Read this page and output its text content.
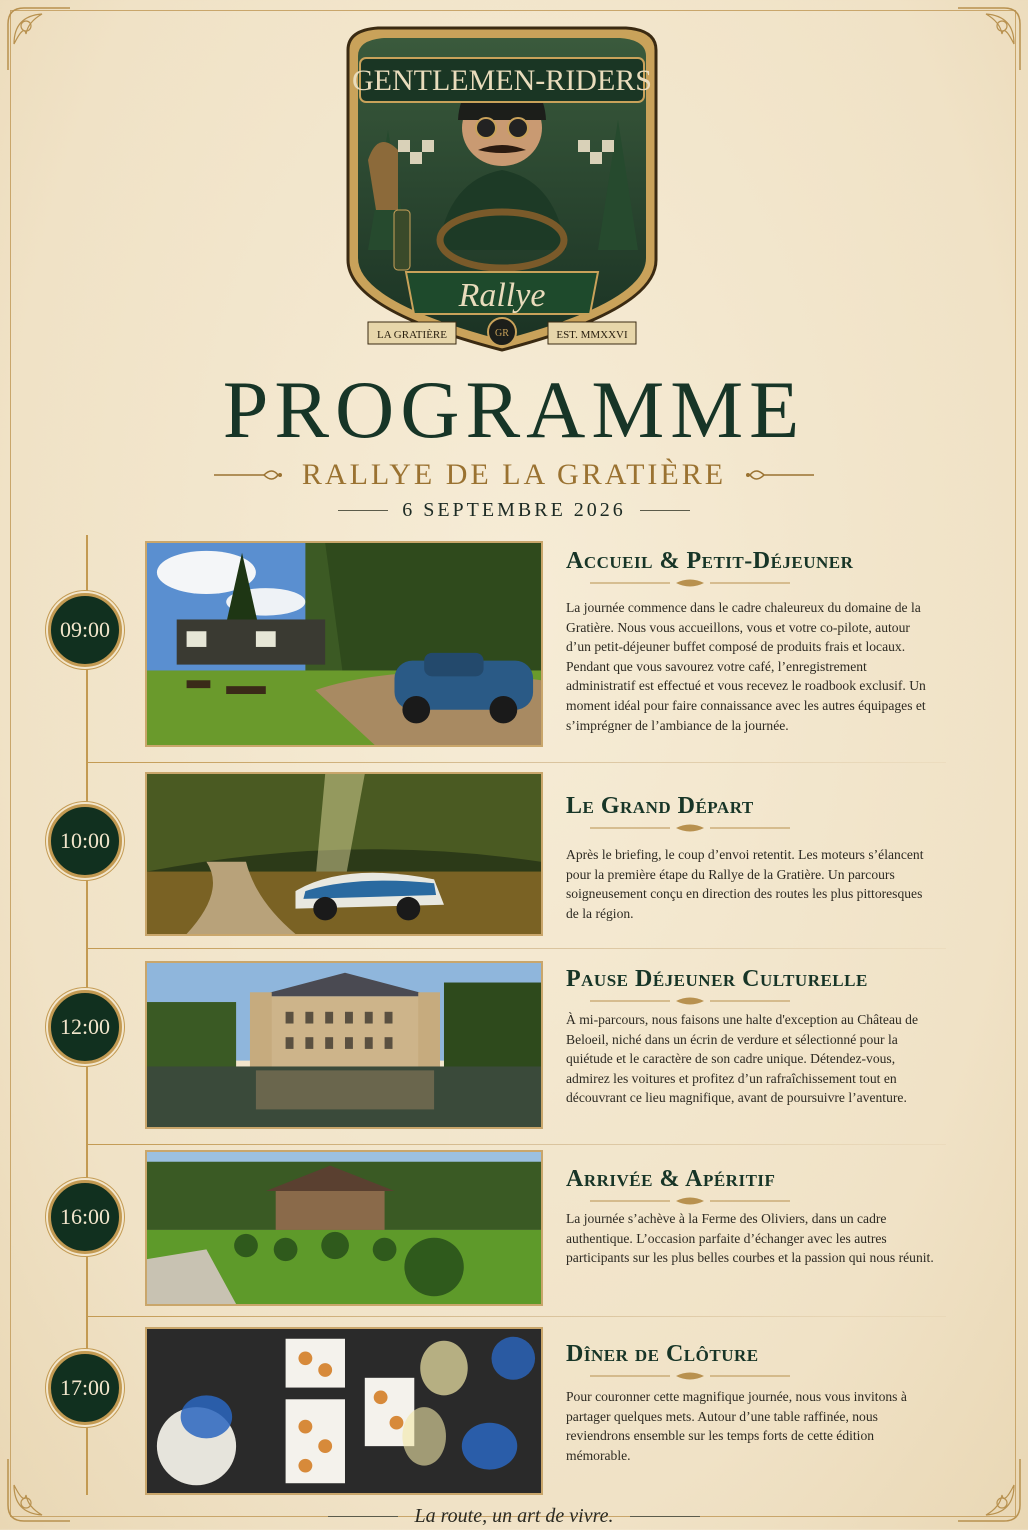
GENTLEMEN-RIDERS
Rallye
LA GRATIÈRE	EST. MMXXVI
GR
PROGRAMME
RALLYE DE LA GRATIÈRE
6 SEPTEMBRE 2026
09:00
Accueil & Petit-Déjeuner
La journée commence dans le cadre chaleureux du domaine de la Gratière. Nous vous accueillons, vous et votre co-pilote, autour d’un petit-déjeuner buffet composé de produits frais et locaux. Pendant que vous savourez votre café, l’enregistrement administratif est effectué et vous recevez le roadbook exclusif. Un moment idéal pour faire connaissance avec les autres équipages et s’imprégner de l’ambiance de la journée.
10:00
Le Grand Départ
Après le briefing, le coup d’envoi retentit. Les moteurs s’élancent pour la première étape du Rallye de la Gratière. Un parcours soigneusement conçu en direction des routes les plus pittoresques de la région.
12:00
Pause Déjeuner Culturelle
À mi-parcours, nous faisons une halte d'exception au Château de Beloeil, niché dans un écrin de verdure et sélectionné pour la quiétude et le caractère de son cadre unique. Détendez-vous, admirez les voitures et profitez d’un rafraîchissement tout en découvrant ce lieu magnifique, avant de poursuivre l’aventure.
16:00
Arrivée & Apéritif
La journée s’achève à la Ferme des Oliviers, dans un cadre authentique. L’occasion parfaite d’échanger avec les autres participants sur les plus belles courbes et la passion qui nous réunit.
17:00
Dîner de Clôture
Pour couronner cette magnifique journée, nous vous invitons à partager quelques mets. Autour d’une table raffinée, nous reviendrons ensemble sur les temps forts de cette édition mémorable.
La route, un art de vivre.
